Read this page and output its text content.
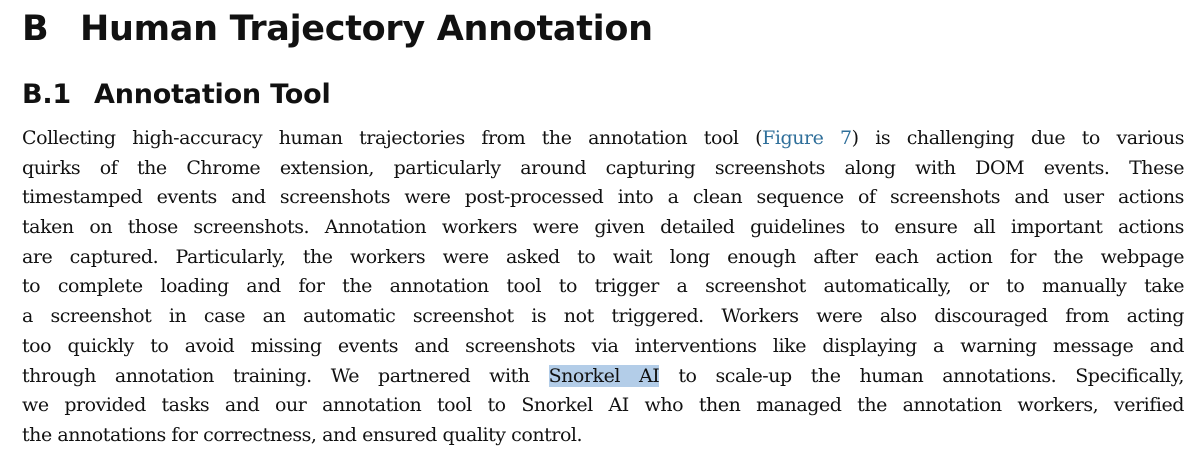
B Human Trajectory Annotation
B.1 Annotation Tool
Collecting high-accuracy human trajectories from the annotation tool (Figure 7) is challenging due to various
quirks of the Chrome extension, particularly around capturing screenshots along with DOM events. These
timestamped events and screenshots were post-processed into a clean sequence of screenshots and user actions
taken on those screenshots. Annotation workers were given detailed guidelines to ensure all important actions
are captured. Particularly, the workers were asked to wait long enough after each action for the webpage
to complete loading and for the annotation tool to trigger a screenshot automatically, or to manually take
a screenshot in case an automatic screenshot is not triggered. Workers were also discouraged from acting
too quickly to avoid missing events and screenshots via interventions like displaying a warning message and
through annotation training. We partnered with Snorkel AI to scale-up the human annotations. Specifically,
we provided tasks and our annotation tool to Snorkel AI who then managed the annotation workers, verified
the annotations for correctness, and ensured quality control.
